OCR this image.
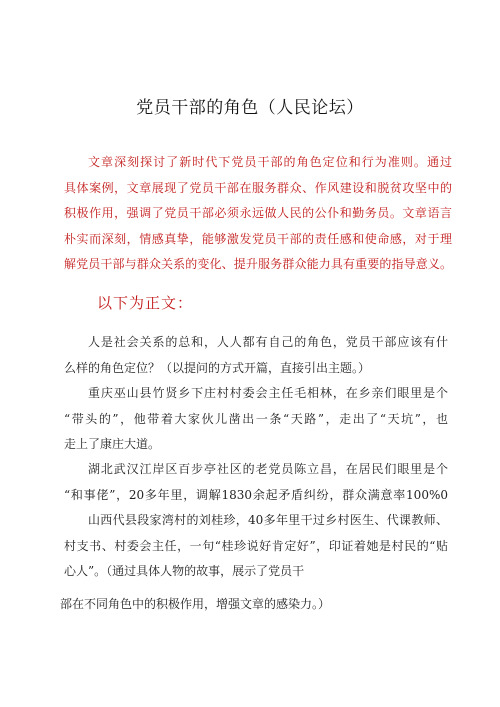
党员干部的角色（人民论坛）
文章深刻探讨了新时代下党员干部的角色定位和行为准则。通过
具体案例，文章展现了党员干部在服务群众、作风建设和脱贫攻坚中的
积极作用，强调了党员干部必须永远做人民的公仆和勤务员。文章语言
朴实而深刻，情感真挚，能够激发党员干部的责任感和使命感，对于理
解党员干部与群众关系的变化、提升服务群众能力具有重要的指导意义。
以下为正文：
人是社会关系的总和，人人都有自己的角色，党员干部应该有什
么样的角色定位？（以提问的方式开篇，直接引出主题。）
重庆巫山县竹贤乡下庄村村委会主任毛相林，在乡亲们眼里是个
“带头的”，他带着大家伙儿凿出一条“天路”，走出了“天坑”，也
走上了康庄大道。
湖北武汉江岸区百步亭社区的老党员陈立昌，在居民们眼里是个
“和事佬”，20多年里，调解1830余起矛盾纠纷，群众满意率100%0
山西代县段家湾村的刘桂珍，40多年里干过乡村医生、代课教师、
村支书、村委会主任，一句“桂珍说好肯定好”，印证着她是村民的“贴
心人”。（通过具体人物的故事，展示了党员干
部在不同角色中的积极作用，增强文章的感染力。）
